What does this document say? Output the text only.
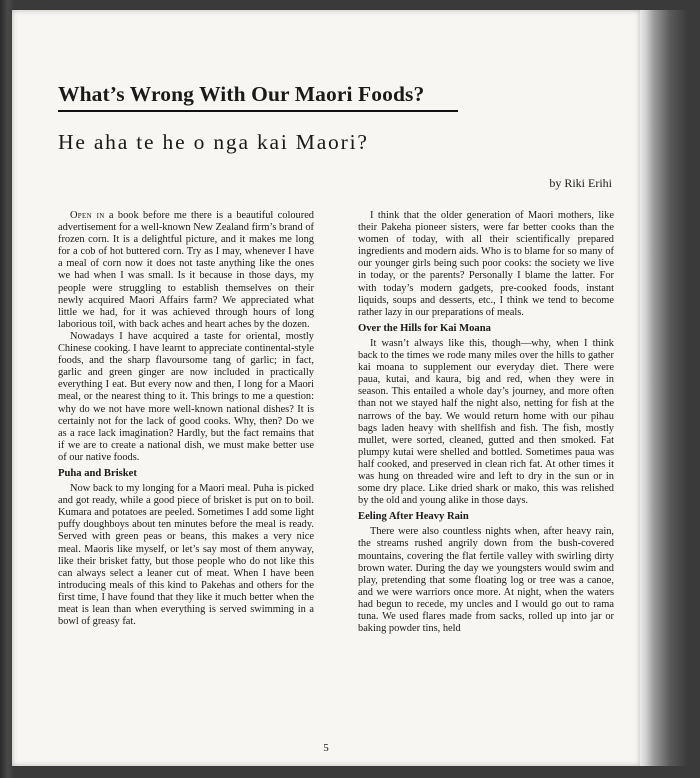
What’s Wrong With Our Maori Foods?
He aha te he o nga kai Maori?
by Riki Erihi

Open in a book before me there is a beautiful coloured advertisement for a well-known New Zealand firm’s brand of frozen corn. It is a delightful picture, and it makes me long for a cob of hot buttered corn. Try as I may, whenever I have a meal of corn now it does not taste anything like the ones we had when I was small. Is it because in those days, my people were struggling to establish themselves on their newly acquired Maori Affairs farm? We appreciated what little we had, for it was achieved through hours of long laborious toil, with back aches and heart aches by the dozen.

Nowadays I have acquired a taste for oriental, mostly Chinese cooking. I have learnt to appreciate continental-style foods, and the sharp flavoursome tang of garlic; in fact, garlic and green ginger are now included in practically everything I eat. But every now and then, I long for a Maori meal, or the nearest thing to it. This brings to me a question: why do we not have more well-known national dishes? It is certainly not for the lack of good cooks. Why, then? Do we as a race lack imagination? Hardly, but the fact remains that if we are to create a national dish, we must make better use of our native foods.

Puha and Brisket

Now back to my longing for a Maori meal. Puha is picked and got ready, while a good piece of brisket is put on to boil. Kumara and potatoes are peeled. Sometimes I add some light puffy doughboys about ten minutes before the meal is ready. Served with green peas or beans, this makes a very nice meal. Maoris like myself, or let’s say most of them anyway, like their brisket fatty, but those people who do not like this can always select a leaner cut of meat. When I have been introducing meals of this kind to Pakehas and others for the first time, I have found that they like it much better when the meat is lean than when everything is served swimming in a bowl of greasy fat.

I think that the older generation of Maori mothers, like their Pakeha pioneer sisters, were far better cooks than the women of today, with all their scientifically prepared ingredients and modern aids. Who is to blame for so many of our younger girls being such poor cooks: the society we live in today, or the parents? Personally I blame the latter. For with today’s modern gadgets, pre-cooked foods, instant liquids, soups and desserts, etc., I think we tend to become rather lazy in our preparations of meals.

Over the Hills for Kai Moana

It wasn’t always like this, though—why, when I think back to the times we rode many miles over the hills to gather kai moana to supplement our everyday diet. There were paua, kutai, and kaura, big and red, when they were in season. This entailed a whole day’s journey, and more often than not we stayed half the night also, netting for fish at the narrows of the bay. We would return home with our pihau bags laden heavy with shellfish and fish. The fish, mostly mullet, were sorted, cleaned, gutted and then smoked. Fat plumpy kutai were shelled and bottled. Sometimes paua was half cooked, and preserved in clean rich fat. At other times it was hung on threaded wire and left to dry in the sun or in some dry place. Like dried shark or mako, this was relished by the old and young alike in those days.

Eeling After Heavy Rain

There were also countless nights when, after heavy rain, the streams rushed angrily down from the bush-covered mountains, covering the flat fertile valley with swirling dirty brown water. During the day we youngsters would swim and play, pretending that some floating log or tree was a canoe, and we were warriors once more. At night, when the waters had begun to recede, my uncles and I would go out to rama tuna. We used flares made from sacks, rolled up into jar or baking powder tins, held

5
